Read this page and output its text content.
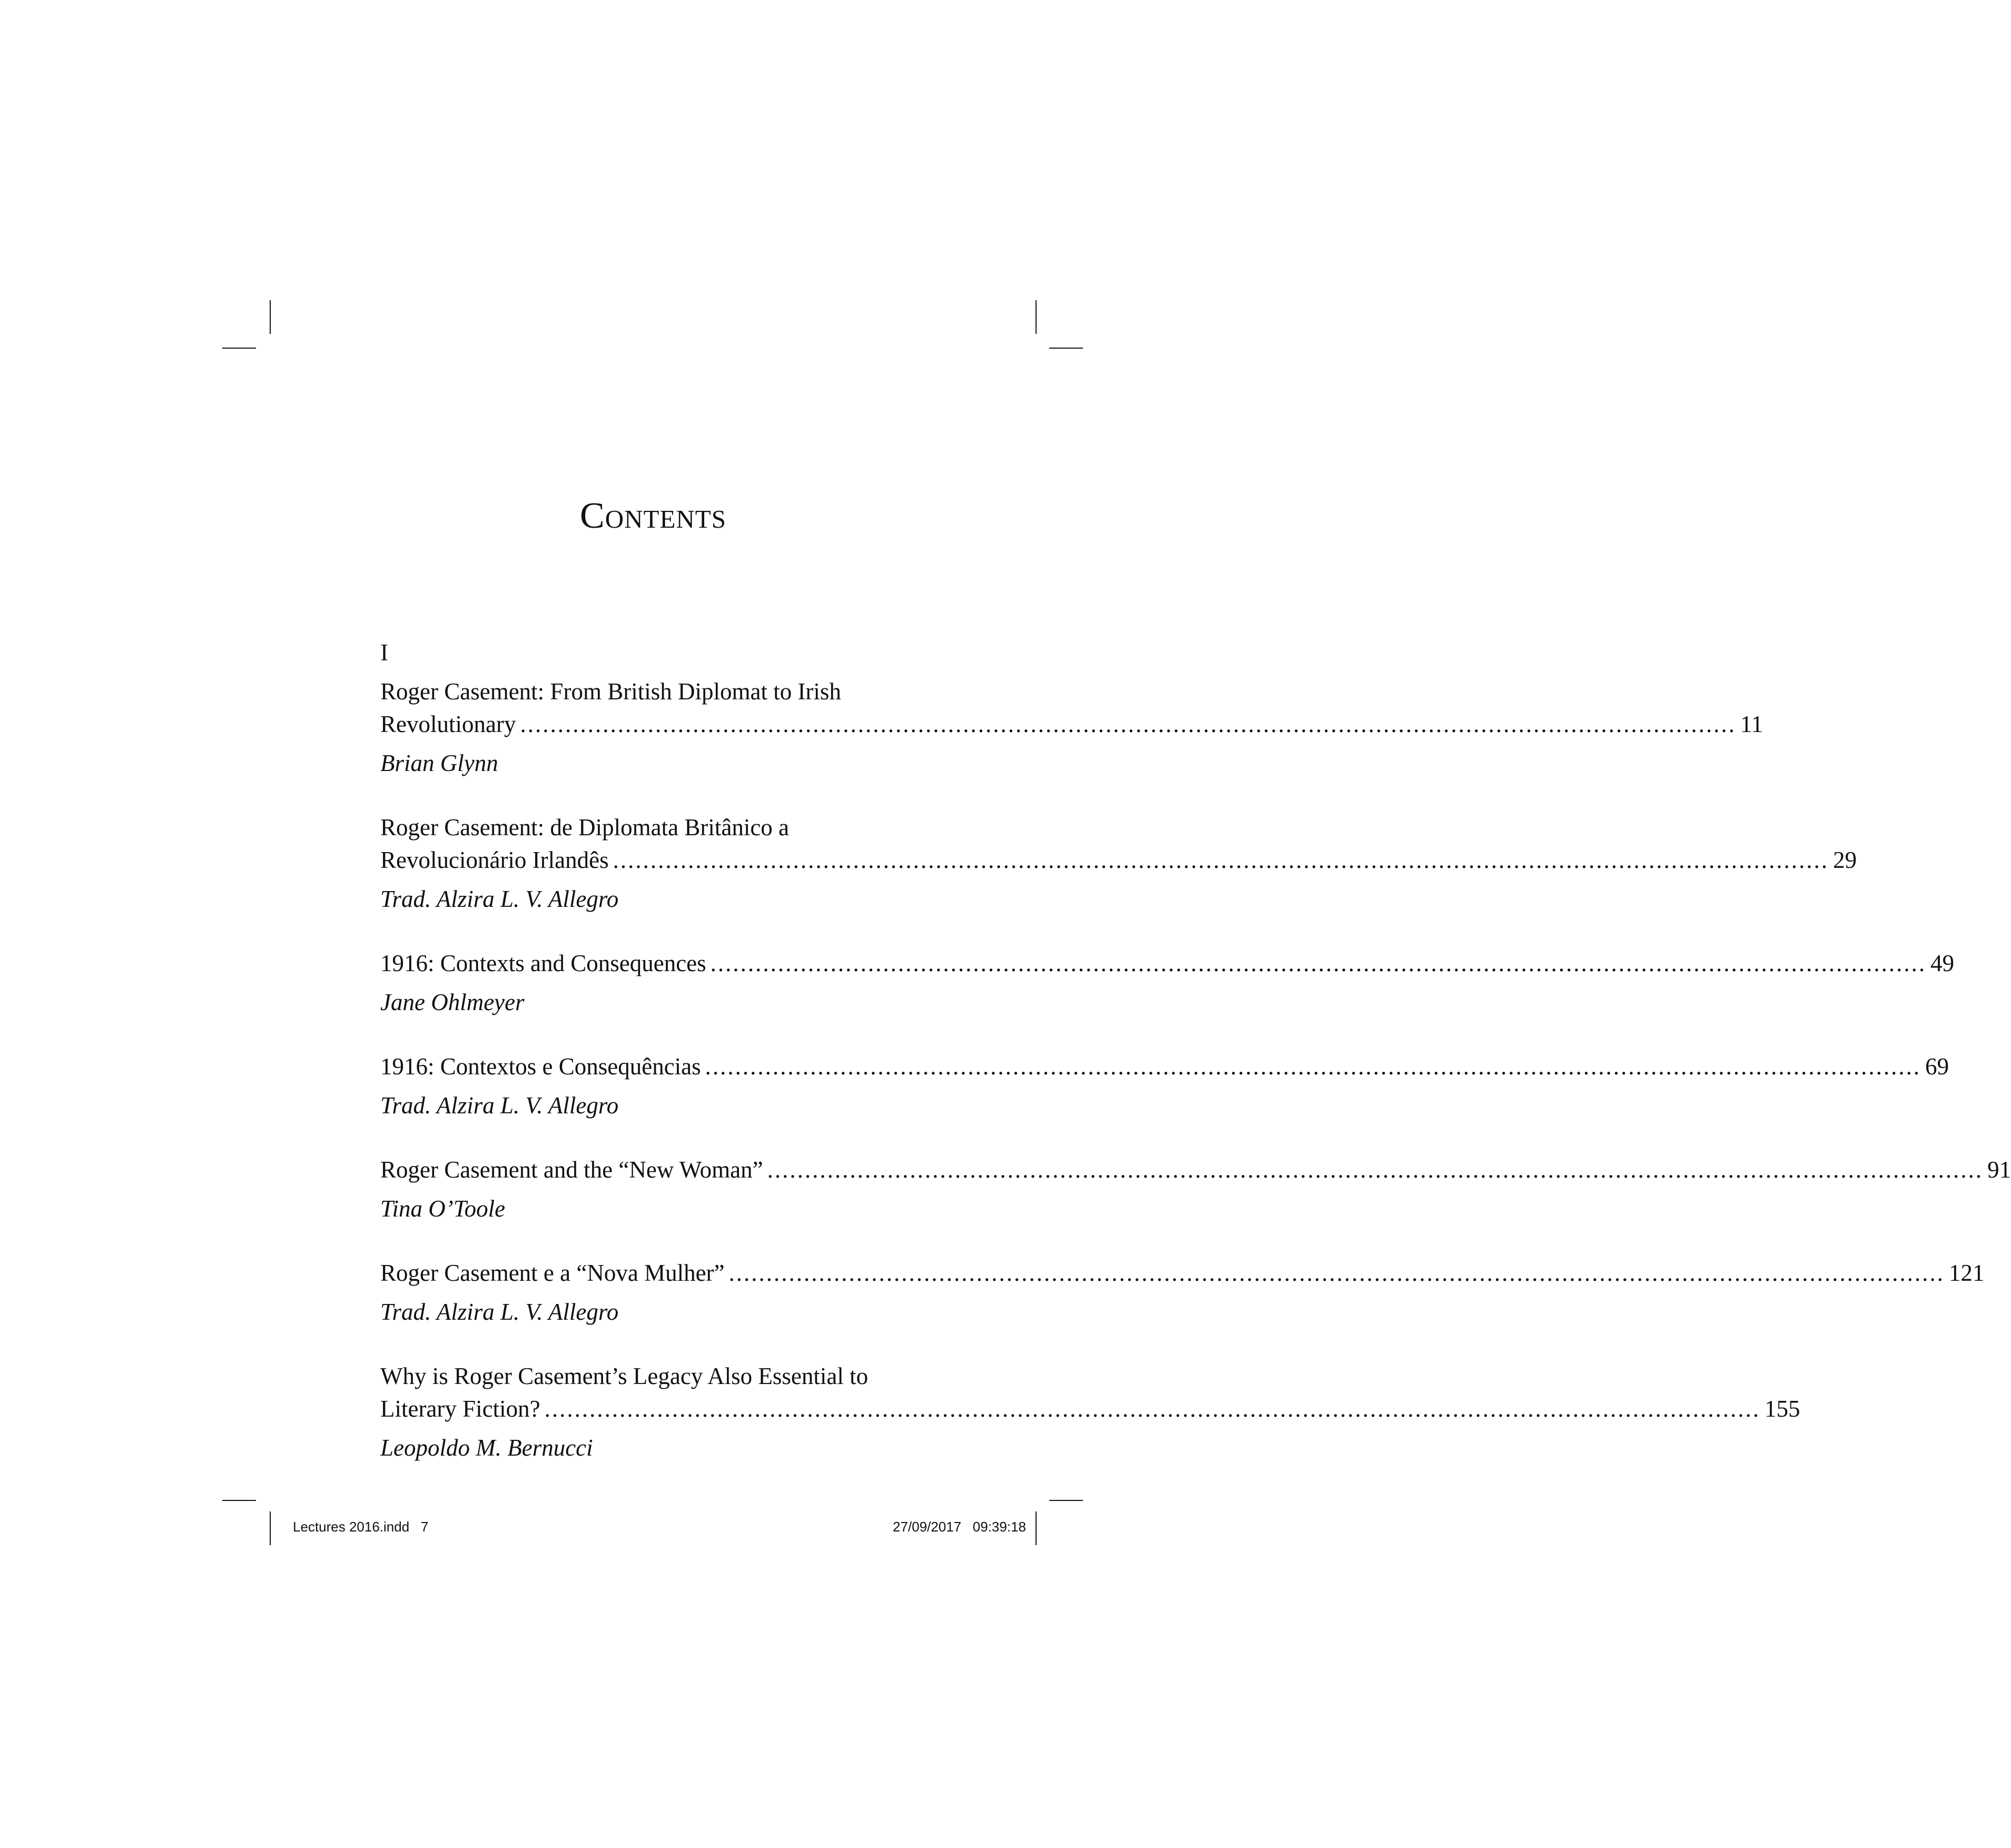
Contents
I
Roger Casement: From British Diplomat to Irish
Revolutionary .................................................................................................................................................................. 11
Brian Glynn
Roger Casement: de Diplomata Britânico a
Revolucionário Irlandês .................................................................................................................................................................. 29
Trad. Alzira L. V. Allegro
1916: Contexts and Consequences .................................................................................................................................................................. 49
Jane Ohlmeyer
1916: Contextos e Consequências .................................................................................................................................................................. 69
Trad. Alzira L. V. Allegro
Roger Casement and the “New Woman” .................................................................................................................................................................. 91
Tina O’Toole
Roger Casement e a “Nova Mulher” .................................................................................................................................................................. 121
Trad. Alzira L. V. Allegro
Why is Roger Casement’s Legacy Also Essential to
Literary Fiction? .................................................................................................................................................................. 155
Leopoldo M. Bernucci
Lectures 2016.indd   7	27/09/2017   09:39:18
